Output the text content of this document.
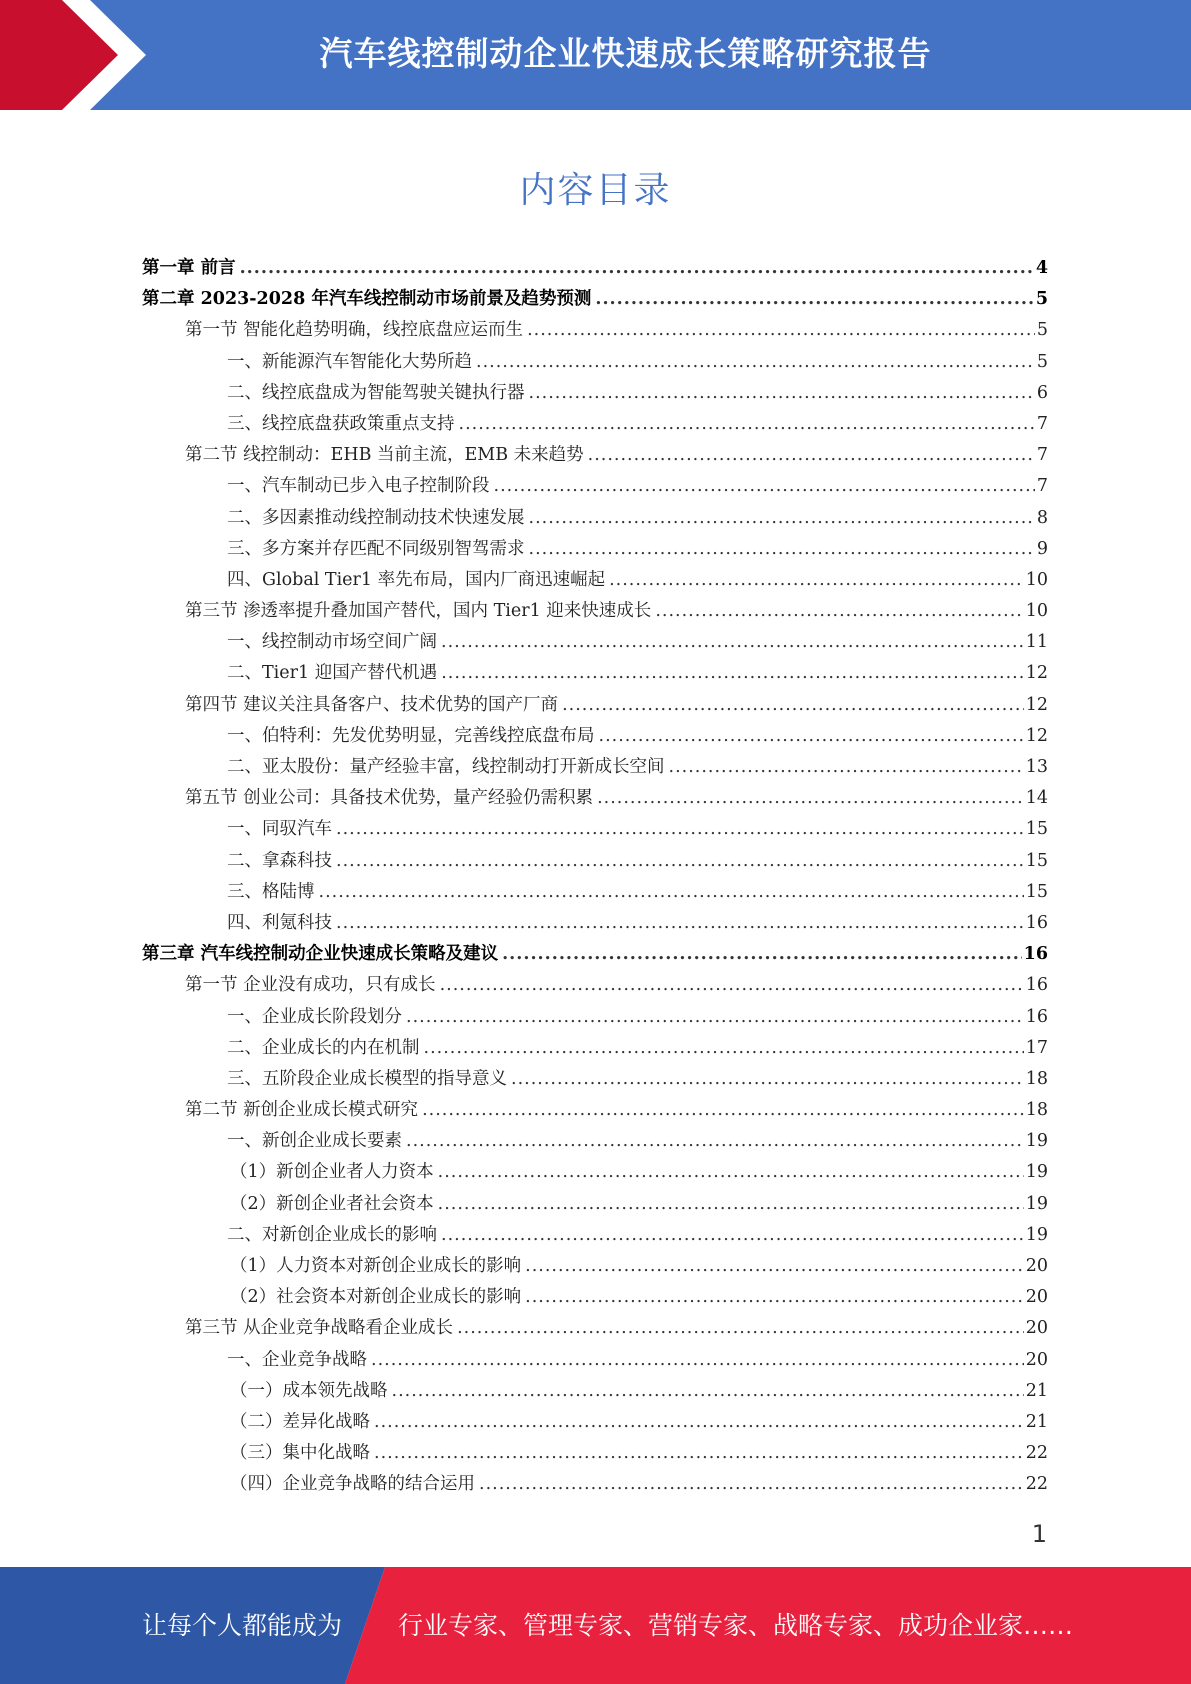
汽车线控制动企业快速成长策略研究报告
内容目录
第一章 前言 .....	4
第二章 2023-2028 年汽车线控制动市场前景及趋势预测 .....	5
第一节 智能化趋势明确，线控底盘应运而生 .....	5
一、新能源汽车智能化大势所趋 .....	5
二、线控底盘成为智能驾驶关键执行器 .....	6
三、线控底盘获政策重点支持 .....	7
第二节 线控制动：EHB 当前主流，EMB 未来趋势 .....	7
一、汽车制动已步入电子控制阶段 .....	7
二、多因素推动线控制动技术快速发展 .....	8
三、多方案并存匹配不同级别智驾需求 .....	9
四、Global Tier1 率先布局，国内厂商迅速崛起 .....	10
第三节 渗透率提升叠加国产替代，国内 Tier1 迎来快速成长 .....	10
一、线控制动市场空间广阔 .....	11
二、Tier1 迎国产替代机遇 .....	12
第四节 建议关注具备客户、技术优势的国产厂商 .....	12
一、伯特利：先发优势明显，完善线控底盘布局 .....	12
二、亚太股份：量产经验丰富，线控制动打开新成长空间 .....	13
第五节 创业公司：具备技术优势，量产经验仍需积累 .....	14
一、同驭汽车 .....	15
二、拿森科技 .....	15
三、格陆博 .....	15
四、利氪科技 .....	16
第三章 汽车线控制动企业快速成长策略及建议 .....	16
第一节 企业没有成功，只有成长 .....	16
一、企业成长阶段划分 .....	16
二、企业成长的内在机制 .....	17
三、五阶段企业成长模型的指导意义 .....	18
第二节 新创企业成长模式研究 .....	18
一、新创企业成长要素 .....	19
（1）新创企业者人力资本 .....	19
（2）新创企业者社会资本 .....	19
二、对新创企业成长的影响 .....	19
（1）人力资本对新创企业成长的影响 .....	20
（2）社会资本对新创企业成长的影响 .....	20
第三节 从企业竞争战略看企业成长 .....	20
一、企业竞争战略 .....	20
（一）成本领先战略 .....	21
（二）差异化战略 .....	21
（三）集中化战略 .....	22
（四）企业竞争战略的结合运用 .....	22
1
让每个人都能成为 行业专家、管理专家、营销专家、战略专家、成功企业家……
